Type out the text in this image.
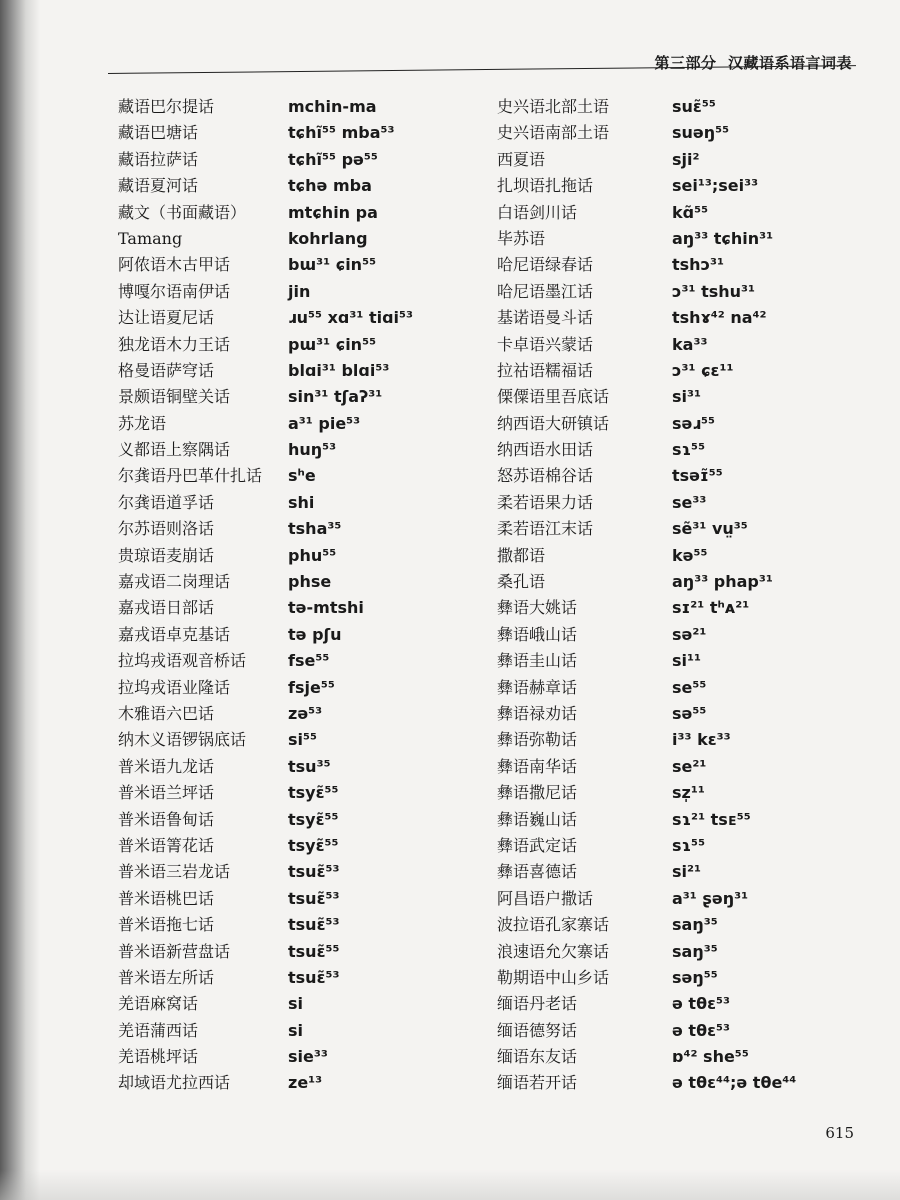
第三部分 汉藏语系语言词表
藏语巴尔提话	mchin-ma
藏语巴塘话	tɕhĩ⁵⁵ mba⁵³
藏语拉萨话	tɕhĩ⁵⁵ pə⁵⁵
藏语夏河话	tɕhə mba
藏文（书面藏语）	mtɕhin pa
Tamang	kohrlang
阿侬语木古甲话	bɯ³¹ ɕin⁵⁵
博嘎尔语南伊话	jin
达让语夏尼话	ɹu⁵⁵ xɑ³¹ tiɑi⁵³
独龙语木力王话	pɯ³¹ ɕin⁵⁵
格曼语萨穹话	blɑi³¹ blɑi⁵³
景颇语铜壁关话	sin³¹ tʃaʔ³¹
苏龙语	a³¹ pie⁵³
义都语上察隅话	huŋ⁵³
尔龚语丹巴革什扎话	sʰe
尔龚语道孚话	shi
尔苏语则洛话	tsha³⁵
贵琼语麦崩话	phu⁵⁵
嘉戎语二岗理话	phse
嘉戎语日部话	tə-mtshi
嘉戎语卓克基话	tə pʃu
拉坞戎语观音桥话	fse⁵⁵
拉坞戎语业隆话	fsje⁵⁵
木雅语六巴话	zə⁵³
纳木义语锣锅底话	si⁵⁵
普米语九龙话	tsu³⁵
普米语兰坪话	tsyɛ̃⁵⁵
普米语鲁甸话	tsyɛ̃⁵⁵
普米语箐花话	tsyɛ̃⁵⁵
普米语三岩龙话	tsuɛ̃⁵³
普米语桃巴话	tsuɛ̃⁵³
普米语拖七话	tsuɛ̃⁵³
普米语新营盘话	tsuɛ̃⁵⁵
普米语左所话	tsuɛ̃⁵³
羌语麻窝话	si
羌语蒲西话	si
羌语桃坪话	sie³³
却域语尤拉西话	ze¹³
史兴语北部土语	suɛ̃⁵⁵
史兴语南部土语	suəŋ⁵⁵
西夏语	sji²
扎坝语扎拖话	sei¹³;sei³³
白语剑川话	kɑ̃⁵⁵
毕苏语	aŋ³³ tɕhin³¹
哈尼语绿春话	tshɔ³¹
哈尼语墨江话	ɔ³¹ tshu³¹
基诺语曼斗话	tshɤ⁴² na⁴²
卡卓语兴蒙话	ka³³
拉祜语糯福话	ɔ³¹ ɕɛ¹¹
傈僳语里吾底话	si³¹
纳西语大研镇话	səɹ⁵⁵
纳西语水田话	sɿ⁵⁵
怒苏语棉谷话	tsəɪ̃⁵⁵
柔若语果力话	se³³
柔若语江末话	sẽ³¹ vṳ³⁵
撒都语	kə⁵⁵
桑孔语	aŋ³³ phap³¹
彝语大姚话	sɪ²¹ tʰᴀ²¹
彝语峨山话	sə²¹
彝语圭山话	si¹¹
彝语赫章话	se⁵⁵
彝语禄劝话	sə⁵⁵
彝语弥勒话	i³³ kɛ³³
彝语南华话	se²¹
彝语撒尼话	sz̩¹¹
彝语巍山话	sɿ²¹ tsᴇ⁵⁵
彝语武定话	sɿ⁵⁵
彝语喜德话	si²¹
阿昌语户撒话	a³¹ ʂəŋ³¹
波拉语孔家寨话	saŋ³⁵
浪速语允欠寨话	saŋ³⁵
勒期语中山乡话	səŋ⁵⁵
缅语丹老话	ə tθɛ⁵³
缅语德努话	ə tθɛ⁵³
缅语东友话	ɒ⁴² she⁵⁵
缅语若开话	ə tθɛ⁴⁴;ə tθe⁴⁴
615
